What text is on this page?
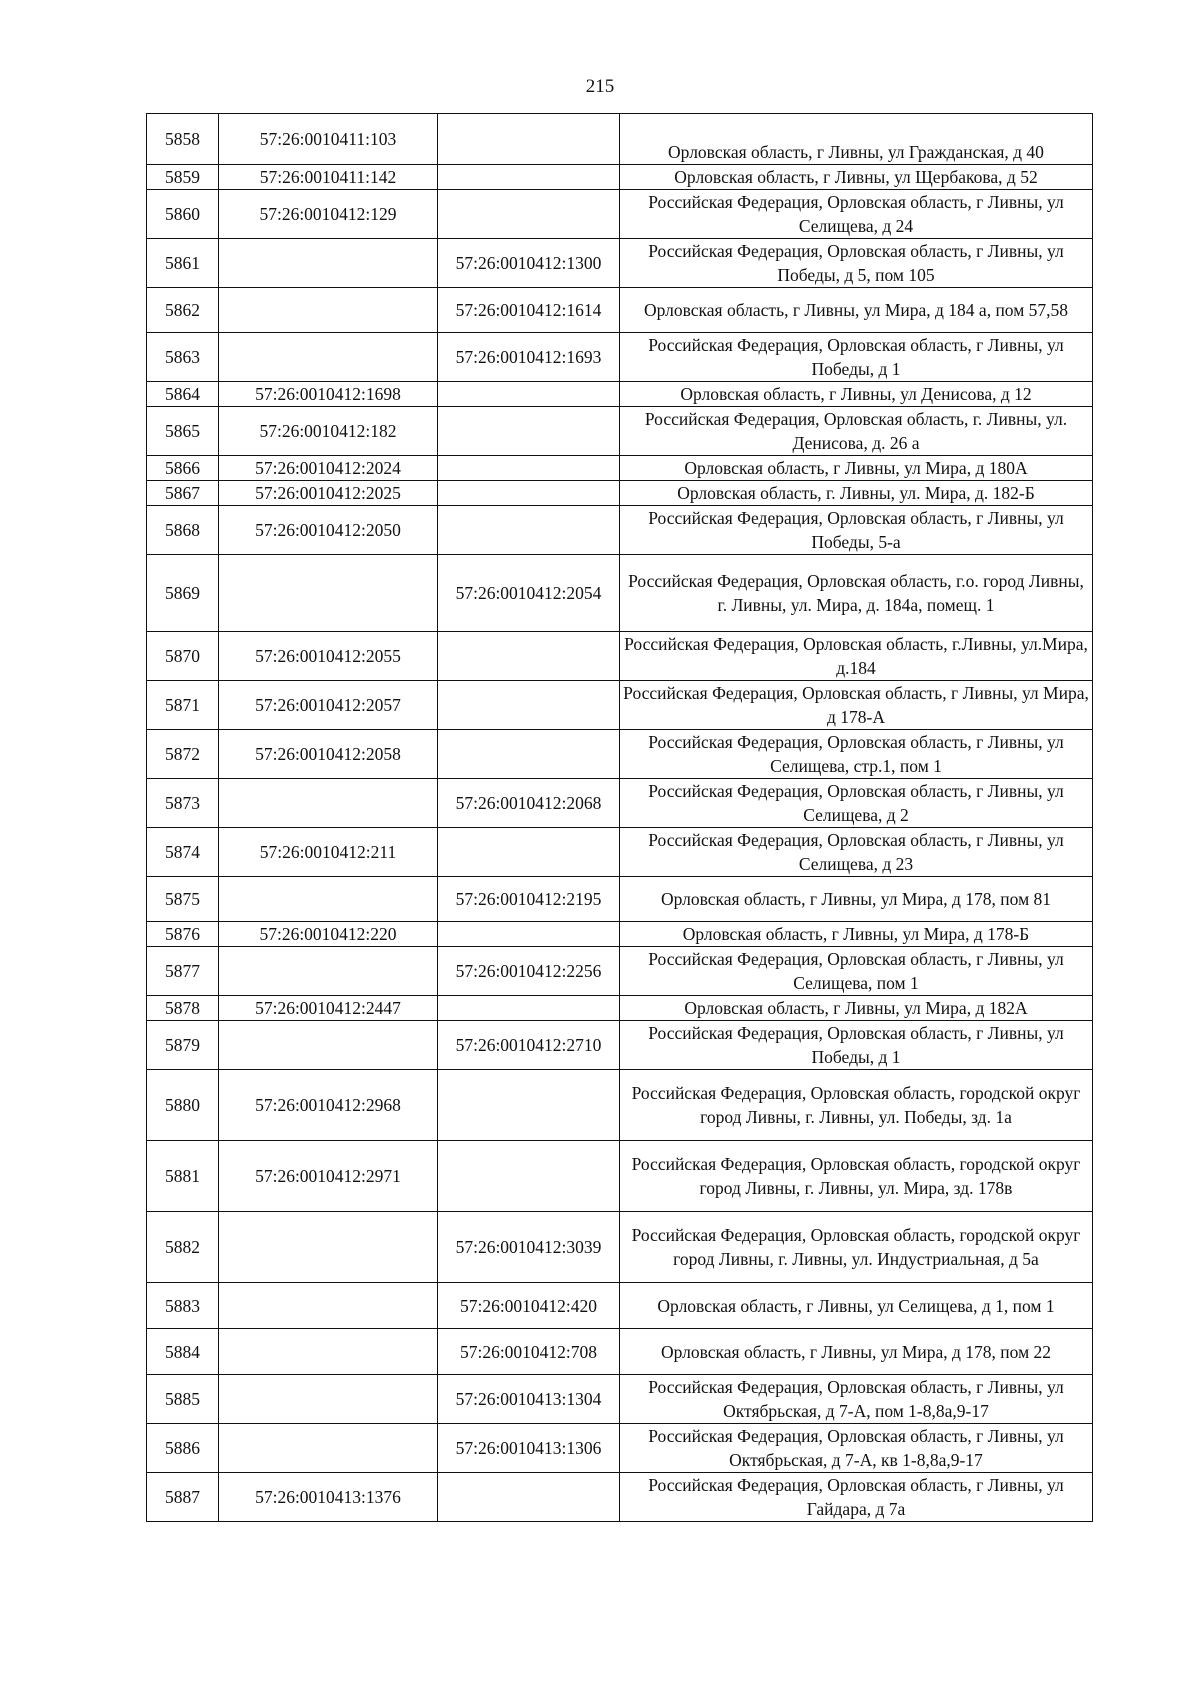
215
5858	57:26:0010411:103		Орловская область, г Ливны, ул Гражданская, д 40
5859	57:26:0010411:142		Орловская область, г Ливны, ул Щербакова, д 52
5860	57:26:0010412:129		Российская Федерация, Орловская область, г Ливны, ул Селищева, д 24
5861		57:26:0010412:1300	Российская Федерация, Орловская область, г Ливны, ул Победы, д 5, пом 105
5862		57:26:0010412:1614	Орловская область, г Ливны, ул Мира, д 184 а, пом 57,58
5863		57:26:0010412:1693	Российская Федерация, Орловская область, г Ливны, ул Победы, д 1
5864	57:26:0010412:1698		Орловская область, г Ливны, ул Денисова, д 12
5865	57:26:0010412:182		Российская Федерация, Орловская область, г. Ливны, ул. Денисова, д. 26 а
5866	57:26:0010412:2024		Орловская область, г Ливны, ул Мира, д 180А
5867	57:26:0010412:2025		Орловская область, г. Ливны, ул. Мира, д. 182-Б
5868	57:26:0010412:2050		Российская Федерация, Орловская область, г Ливны, ул Победы, 5-а
5869		57:26:0010412:2054	Российская Федерация, Орловская область, г.о. город Ливны, г. Ливны, ул. Мира, д. 184а, помещ. 1
5870	57:26:0010412:2055		Российская Федерация, Орловская область, г.Ливны, ул.Мира, д.184
5871	57:26:0010412:2057		Российская Федерация, Орловская область, г Ливны, ул Мира, д 178-А
5872	57:26:0010412:2058		Российская Федерация, Орловская область, г Ливны, ул Селищева, стр.1, пом 1
5873		57:26:0010412:2068	Российская Федерация, Орловская область, г Ливны, ул Селищева, д 2
5874	57:26:0010412:211		Российская Федерация, Орловская область, г Ливны, ул Селищева, д 23
5875		57:26:0010412:2195	Орловская область, г Ливны, ул Мира, д 178, пом 81
5876	57:26:0010412:220		Орловская область, г Ливны, ул Мира, д 178-Б
5877		57:26:0010412:2256	Российская Федерация, Орловская область, г Ливны, ул Селищева, пом 1
5878	57:26:0010412:2447		Орловская область, г Ливны, ул Мира, д 182А
5879		57:26:0010412:2710	Российская Федерация, Орловская область, г Ливны, ул Победы, д 1
5880	57:26:0010412:2968		Российская Федерация, Орловская область, городской округ город Ливны, г. Ливны, ул. Победы, зд. 1а
5881	57:26:0010412:2971		Российская Федерация, Орловская область, городской округ город Ливны, г. Ливны, ул. Мира, зд. 178в
5882		57:26:0010412:3039	Российская Федерация, Орловская область, городской округ город Ливны, г. Ливны, ул. Индустриальная, д 5а
5883		57:26:0010412:420	Орловская область, г Ливны, ул Селищева, д 1, пом 1
5884		57:26:0010412:708	Орловская область, г Ливны, ул Мира, д 178, пом 22
5885		57:26:0010413:1304	Российская Федерация, Орловская область, г Ливны, ул Октябрьская, д 7-А, пом 1-8,8а,9-17
5886		57:26:0010413:1306	Российская Федерация, Орловская область, г Ливны, ул Октябрьская, д 7-А, кв 1-8,8а,9-17
5887	57:26:0010413:1376		Российская Федерация, Орловская область, г Ливны, ул Гайдара, д 7а
